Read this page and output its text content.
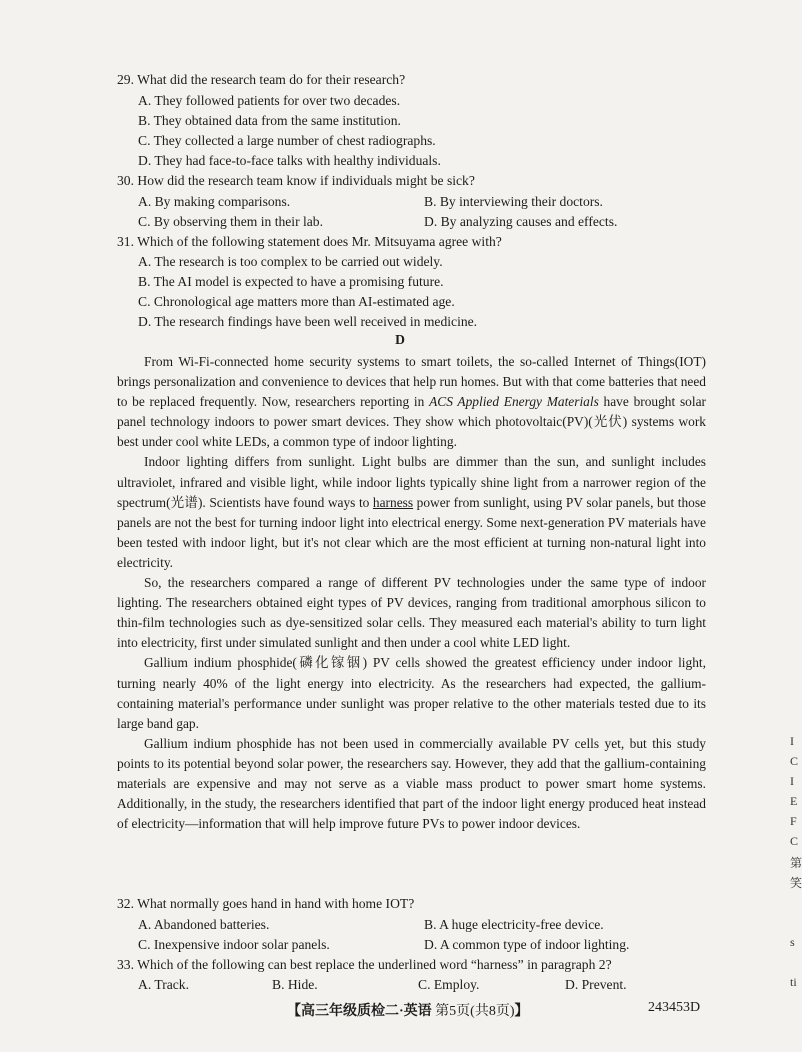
29. What did the research team do for their research?
A. They followed patients for over two decades.
B. They obtained data from the same institution.
C. They collected a large number of chest radiographs.
D. They had face-to-face talks with healthy individuals.
30. How did the research team know if individuals might be sick?
A. By making comparisons.	B. By interviewing their doctors.
C. By observing them in their lab.	D. By analyzing causes and effects.
31. Which of the following statement does Mr. Mitsuyama agree with?
A. The research is too complex to be carried out widely.
B. The AI model is expected to have a promising future.
C. Chronological age matters more than AI-estimated age.
D. The research findings have been well received in medicine.
D

From Wi-Fi-connected home security systems to smart toilets, the so-called Internet of Things(IOT) brings personalization and convenience to devices that help run homes. But with that come batteries that need to be replaced frequently. Now, researchers reporting in ACS Applied Energy Materials have brought solar panel technology indoors to power smart devices. They show which photovoltaic(PV)(光伏) systems work best under cool white LEDs, a common type of indoor lighting.

Indoor lighting differs from sunlight. Light bulbs are dimmer than the sun, and sunlight includes ultraviolet, infrared and visible light, while indoor lights typically shine light from a narrower region of the spectrum(光谱). Scientists have found ways to harness power from sunlight, using PV solar panels, but those panels are not the best for turning indoor light into electrical energy. Some next-generation PV materials have been tested with indoor light, but it's not clear which are the most efficient at turning non-natural light into electricity.

So, the researchers compared a range of different PV technologies under the same type of indoor lighting. The researchers obtained eight types of PV devices, ranging from traditional amorphous silicon to thin-film technologies such as dye-sensitized solar cells. They measured each material's ability to turn light into electricity, first under simulated sunlight and then under a cool white LED light.

Gallium indium phosphide(磷化镓铟) PV cells showed the greatest efficiency under indoor light, turning nearly 40% of the light energy into electricity. As the researchers had expected, the gallium-containing material's performance under sunlight was proper relative to the other materials tested due to its large band gap.

Gallium indium phosphide has not been used in commercially available PV cells yet, but this study points to its potential beyond solar power, the researchers say. However, they add that the gallium-containing materials are expensive and may not serve as a viable mass product to power smart home systems. Additionally, in the study, the researchers identified that part of the indoor light energy produced heat instead of electricity—information that will help improve future PVs to power indoor devices.

32. What normally goes hand in hand with home IOT?
A. Abandoned batteries.	B. A huge electricity-free device.
C. Inexpensive indoor solar panels.	D. A common type of indoor lighting.
33. Which of the following can best replace the underlined word “harness” in paragraph 2?
A. Track.	B. Hide.	C. Employ.	D. Prevent.
【高三年级质检二·英语 第5页(共8页)】	243453D
I
C
I
E
F
C
第
笑
s
ti
